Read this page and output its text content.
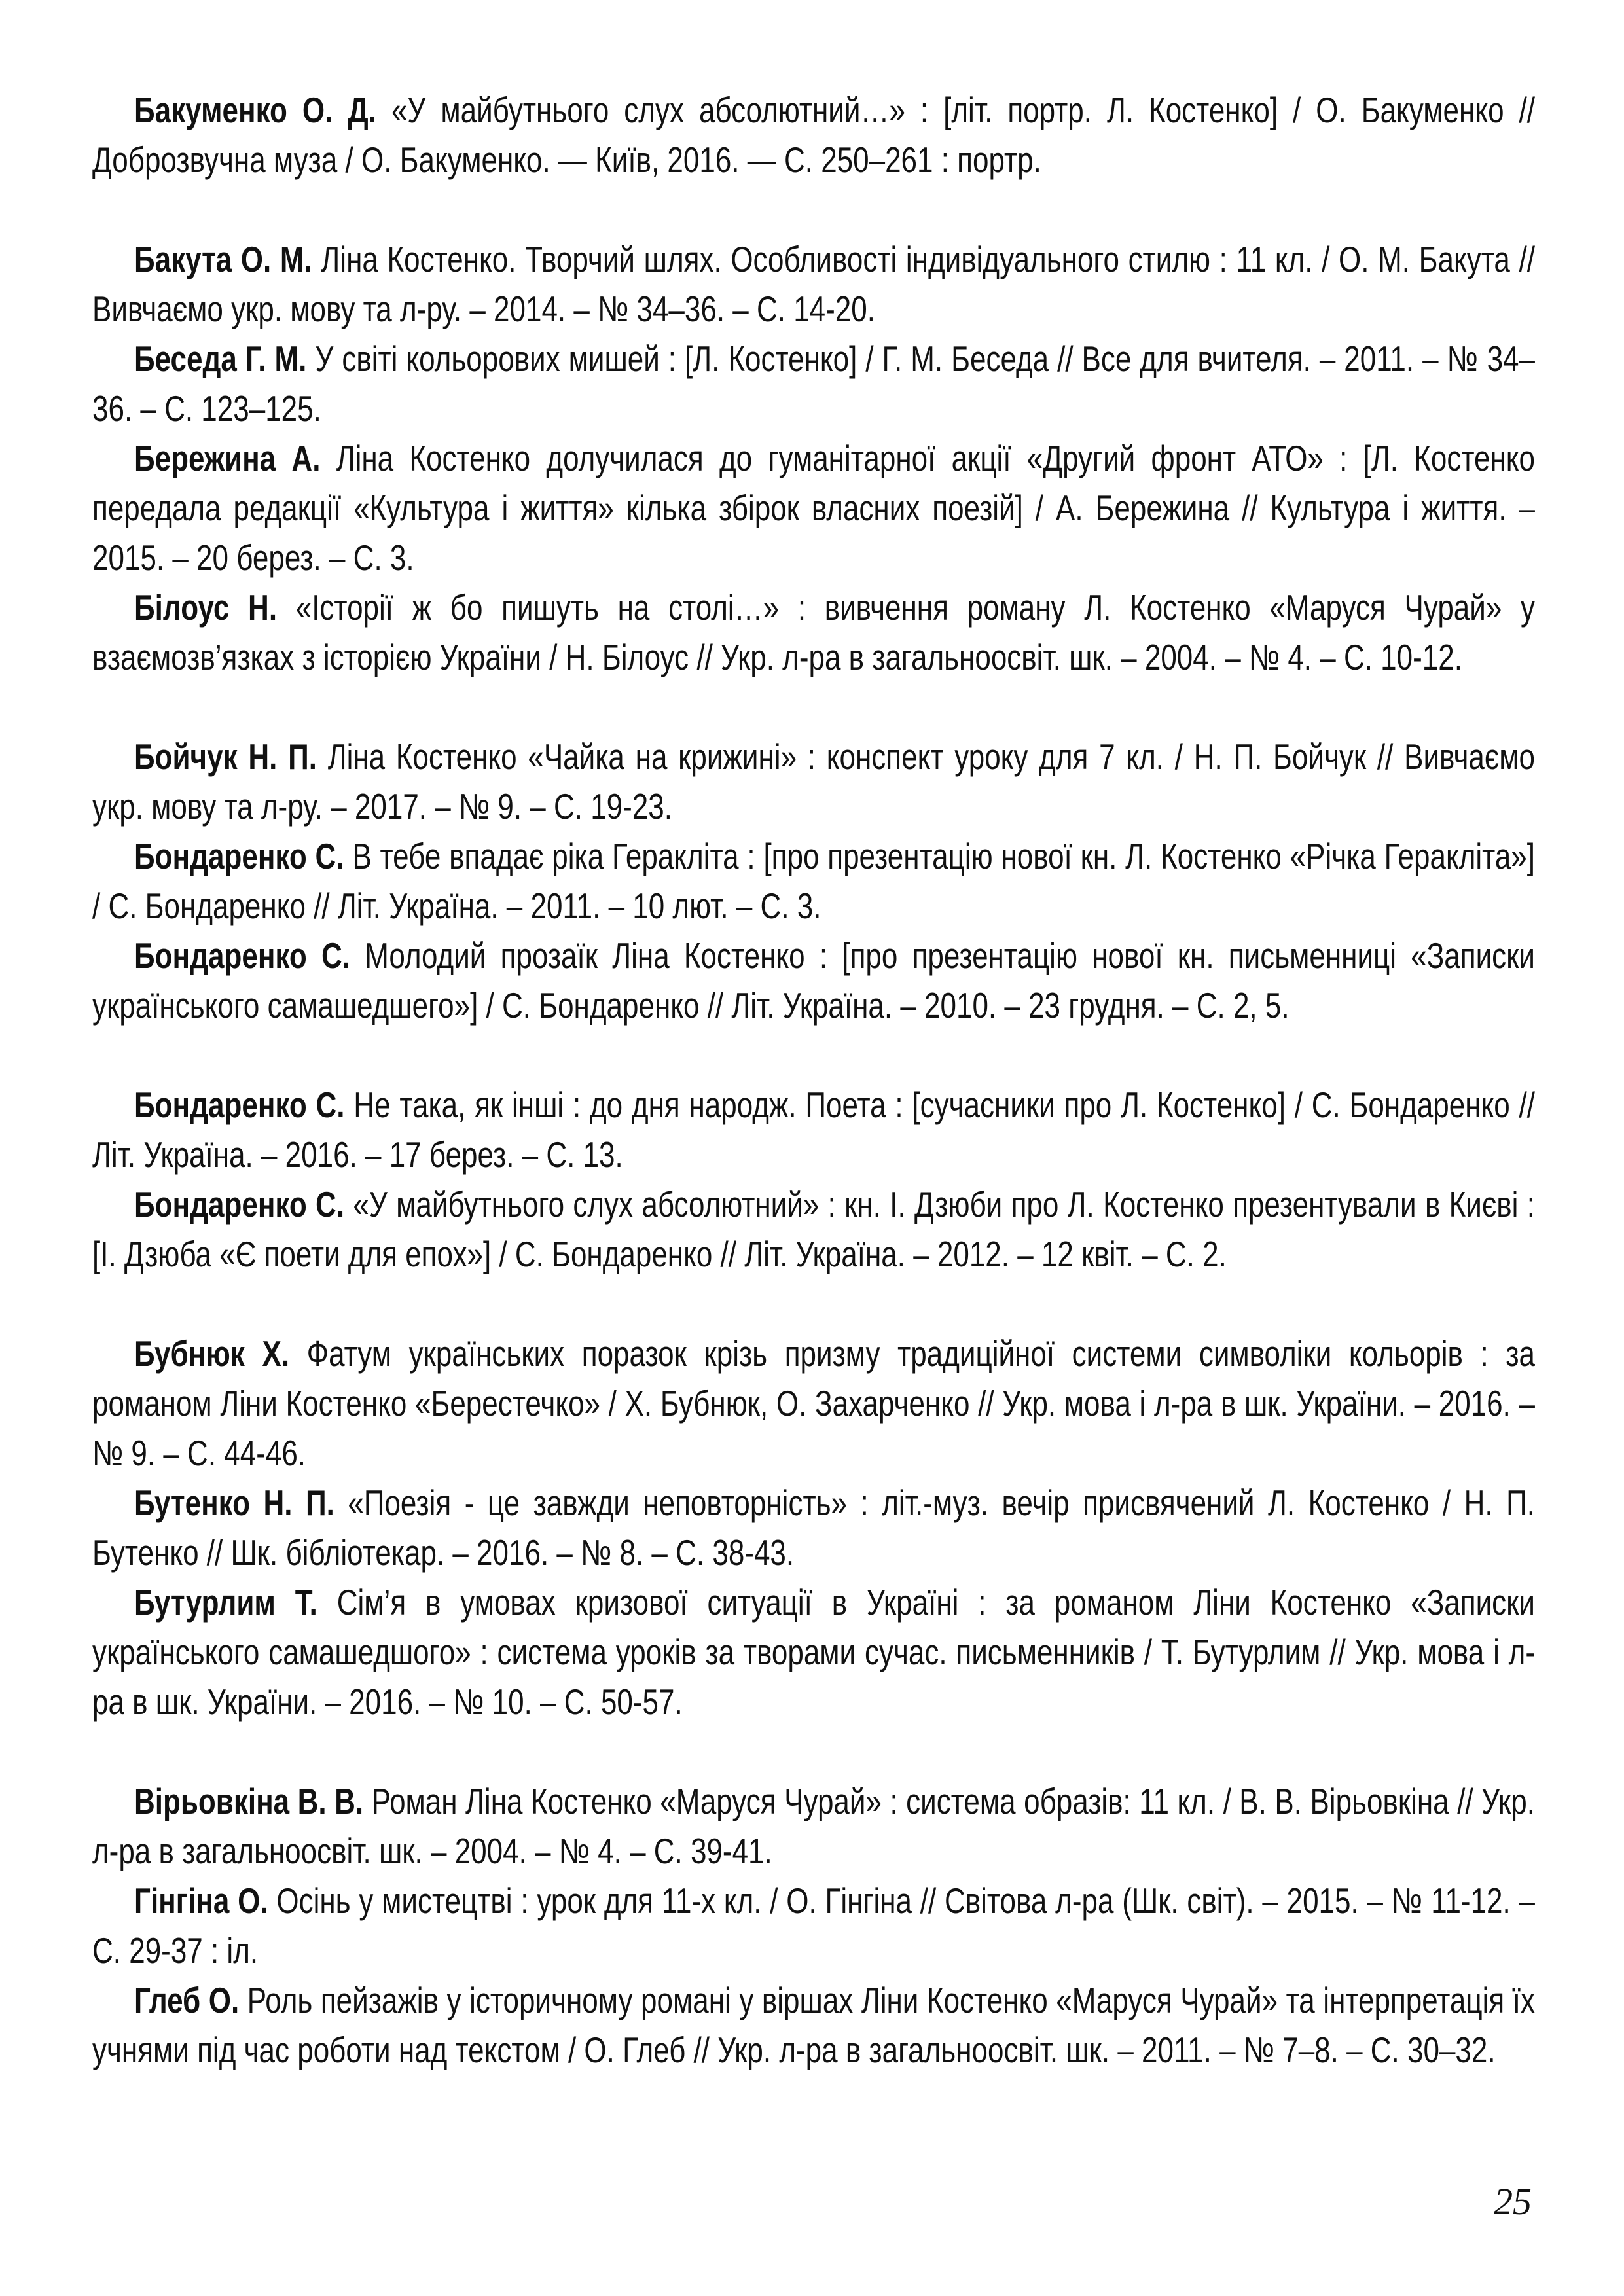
Бакуменко О. Д. «У майбутнього слух абсолютний…» : [літ. портр. Л. Костенко] / О. Бакуменко // Доброзвучна муза / О. Бакуменко. — Київ, 2016. — С. 250–261 : портр.

Бакута О. М. Ліна Костенко. Творчий шлях. Особливості індивідуального стилю : 11 кл. / О. М. Бакута // Вивчаємо укр. мову та л-ру. – 2014. – № 34–36. – С. 14-20.

Беседа Г. М. У світі кольорових мишей : [Л. Костенко] / Г. М. Беседа // Все для вчителя. – 2011. – № 34–36. – С. 123–125.

Бережина А. Ліна Костенко долучилася до гуманітарної акції «Другий фронт АТО» : [Л. Костенко передала редакції «Культура і життя» кілька збірок власних поезій] / А. Бережина // Культура і життя. – 2015. – 20 берез. – С. 3.

Білоус Н. «Історії ж бо пишуть на столі…» : вивчення роману Л. Костенко «Маруся Чурай» у взаємозв’язках з історією України / Н. Білоус // Укр. л-ра в загальноосвіт. шк. – 2004. – № 4. – С. 10-12.

Бойчук Н. П. Ліна Костенко «Чайка на крижині» : конспект уроку для 7 кл. / Н. П. Бойчук // Вивчаємо укр. мову та л-ру. – 2017. – № 9. – С. 19-23.

Бондаренко С. В тебе впадає ріка Геракліта : [про презентацію нової кн. Л. Костенко «Річка Геракліта»] / С. Бондаренко // Літ. Україна. – 2011. – 10 лют. – С. 3.

Бондаренко С. Молодий прозаїк Ліна Костенко : [про презентацію нової кн. письменниці «Записки українського самашедшего»] / С. Бондаренко // Літ. Україна. – 2010. – 23 грудня. – С. 2, 5.

Бондаренко С. Не така, як інші : до дня народж. Поета : [сучасники про Л. Костенко] / С. Бондаренко // Літ. Україна. – 2016. – 17 берез. – С. 13.

Бондаренко С. «У майбутнього слух абсолютний» : кн. І. Дзюби про Л. Костенко презентували в Києві : [І. Дзюба «Є поети для епох»] / С. Бондаренко // Літ. Україна. – 2012. – 12 квіт. – С. 2.

Бубнюк Х. Фатум українських поразок крізь призму традиційної системи символіки кольорів : за романом Ліни Костенко «Берестечко» / Х. Бубнюк, О. Захарченко // Укр. мова і л-ра в шк. України. – 2016. – № 9. – С. 44-46.

Бутенко Н. П. «Поезія - це завжди неповторність» : літ.-муз. вечір присвячений Л. Костенко / Н. П. Бутенко // Шк. бібліотекар. – 2016. – № 8. – С. 38-43.

Бутурлим Т. Сім’я в умовах кризової ситуації в Україні : за романом Ліни Костенко «Записки українського самашедшого» : система уроків за творами сучас. письменників / Т. Бутурлим // Укр. мова і л-ра в шк. України. – 2016. – № 10. – С. 50-57.

Вірьовкіна В. В. Роман Ліна Костенко «Маруся Чурай» : система образів: 11 кл. / В. В. Вірьовкіна // Укр. л-ра в загальноосвіт. шк. – 2004. – № 4. – С. 39-41.

Гінгіна О. Осінь у мистецтві : урок для 11-х кл. / О. Гінгіна // Світова л-ра (Шк. світ). – 2015. – № 11-12. – С. 29-37 : іл.

Глеб О. Роль пейзажів у історичному романі у віршах Ліни Костенко «Маруся Чурай» та інтерпретація їх учнями під час роботи над текстом / О. Глеб // Укр. л-ра в загальноосвіт. шк. – 2011. – № 7–8. – С. 30–32.

25
